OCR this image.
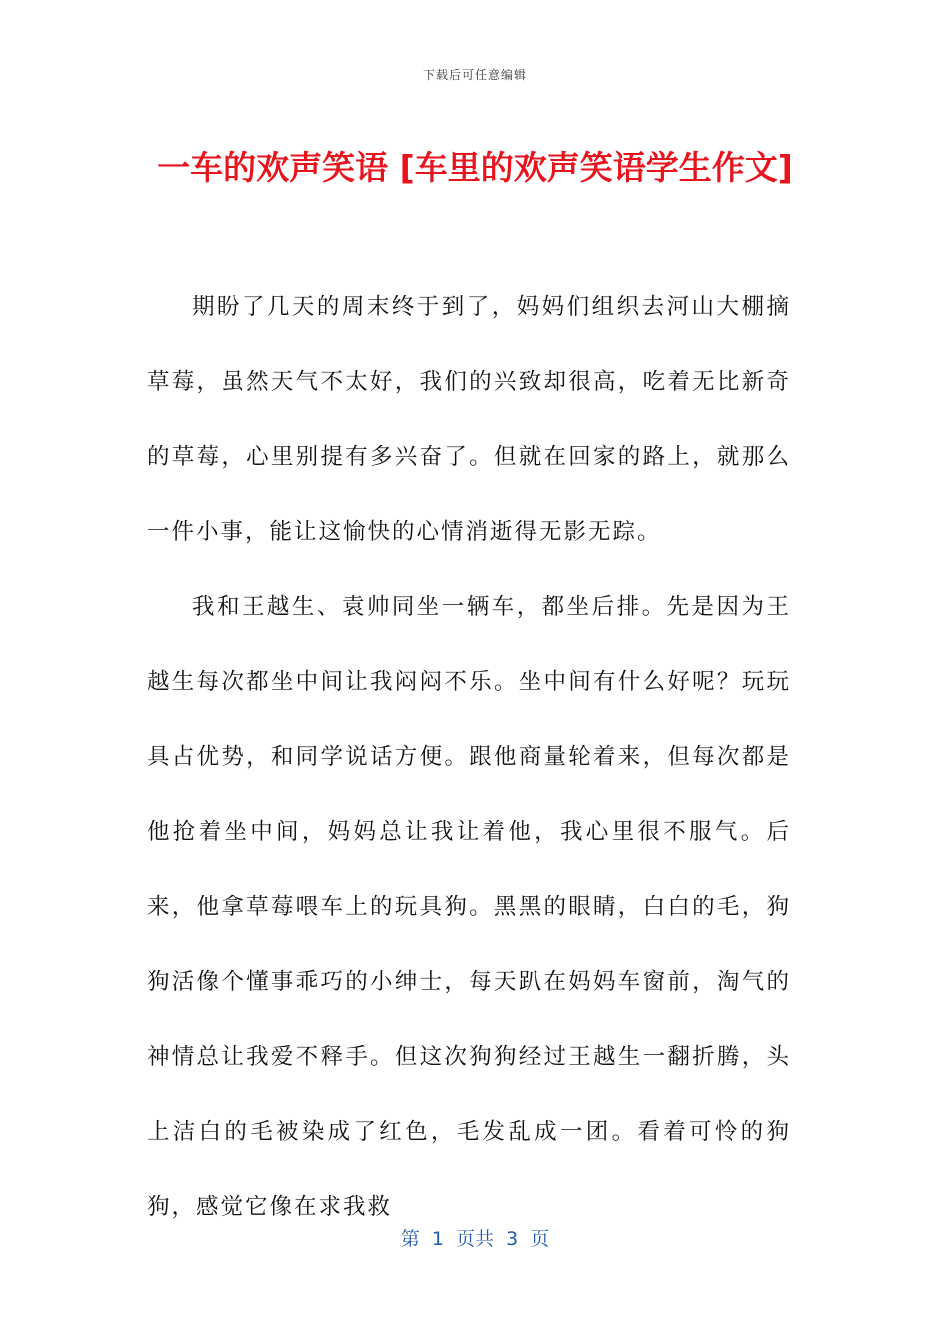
下载后可任意编辑
一车的欢声笑语 [车里的欢声笑语学生作文]

期盼了几天的周末终于到了，妈妈们组织去河山大棚摘草莓，虽然天气不太好，我们的兴致却很高，吃着无比新奇的草莓，心里别提有多兴奋了。但就在回家的路上，就那么一件小事，能让这愉快的心情消逝得无影无踪。

我和王越生、袁帅同坐一辆车，都坐后排。先是因为王越生每次都坐中间让我闷闷不乐。坐中间有什么好呢？玩玩具占优势，和同学说话方便。跟他商量轮着来，但每次都是他抢着坐中间，妈妈总让我让着他，我心里很不服气。后来，他拿草莓喂车上的玩具狗。黑黑的眼睛，白白的毛，狗狗活像个懂事乖巧的小绅士，每天趴在妈妈车窗前，淘气的神情总让我爱不释手。但这次狗狗经过王越生一翻折腾，头上洁白的毛被染成了红色，毛发乱成一团。看着可怜的狗狗，感觉它像在求我救

第  1  页共  3  页
